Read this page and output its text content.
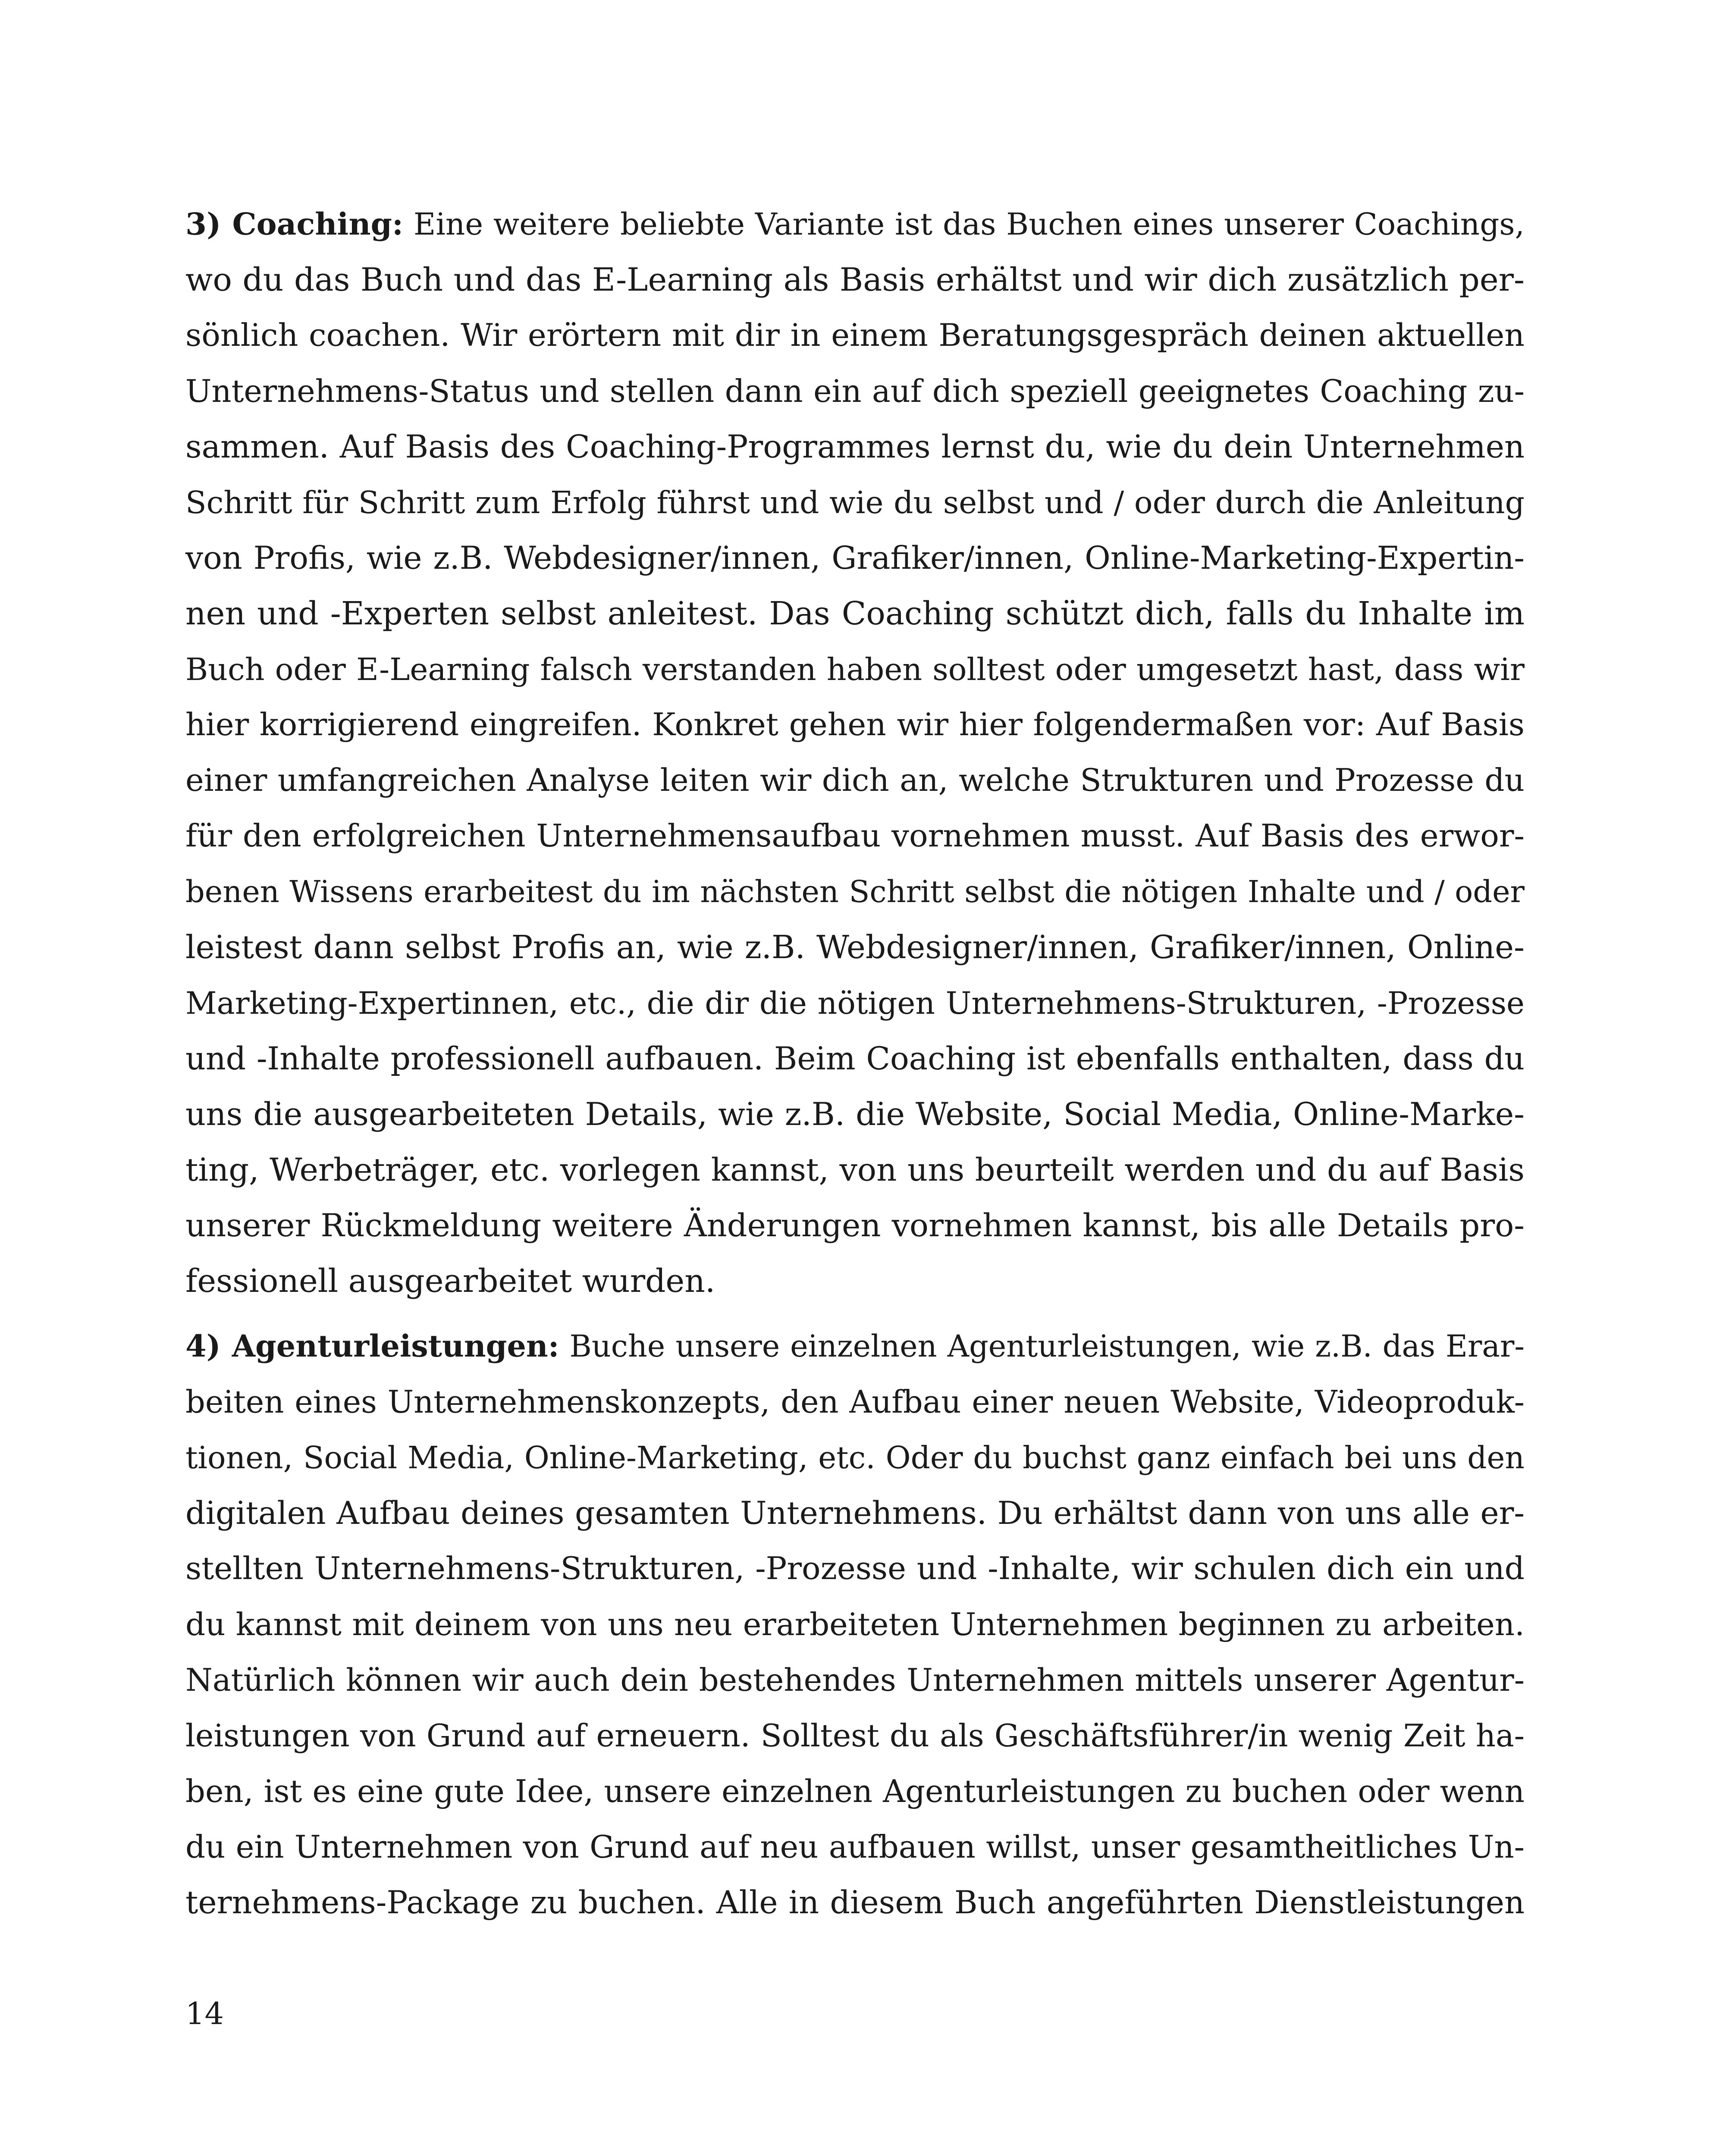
3) Coaching: Eine weitere beliebte Variante ist das Buchen eines unserer Coachings,
wo du das Buch und das E-Learning als Basis erhältst und wir dich zusätzlich per-
sönlich coachen. Wir erörtern mit dir in einem Beratungsgespräch deinen aktuellen
Unternehmens-Status und stellen dann ein auf dich speziell geeignetes Coaching zu-
sammen. Auf Basis des Coaching-Programmes lernst du, wie du dein Unternehmen
Schritt für Schritt zum Erfolg führst und wie du selbst und / oder durch die Anleitung
von Profis, wie z.B. Webdesigner/innen, Grafiker/innen, Online-Marketing-Expertin-
nen und -Experten selbst anleitest. Das Coaching schützt dich, falls du Inhalte im
Buch oder E-Learning falsch verstanden haben solltest oder umgesetzt hast, dass wir
hier korrigierend eingreifen. Konkret gehen wir hier folgendermaßen vor: Auf Basis
einer umfangreichen Analyse leiten wir dich an, welche Strukturen und Prozesse du
für den erfolgreichen Unternehmensaufbau vornehmen musst. Auf Basis des erwor-
benen Wissens erarbeitest du im nächsten Schritt selbst die nötigen Inhalte und / oder
leistest dann selbst Profis an, wie z.B. Webdesigner/innen, Grafiker/innen, Online-
Marketing-Expertinnen, etc., die dir die nötigen Unternehmens-Strukturen, -Prozesse
und -Inhalte professionell aufbauen. Beim Coaching ist ebenfalls enthalten, dass du
uns die ausgearbeiteten Details, wie z.B. die Website, Social Media, Online-Marke-
ting, Werbeträger, etc. vorlegen kannst, von uns beurteilt werden und du auf Basis
unserer Rückmeldung weitere Änderungen vornehmen kannst, bis alle Details pro-
fessionell ausgearbeitet wurden.
4) Agenturleistungen: Buche unsere einzelnen Agenturleistungen, wie z.B. das Erar-
beiten eines Unternehmenskonzepts, den Aufbau einer neuen Website, Videoproduk-
tionen, Social Media, Online-Marketing, etc. Oder du buchst ganz einfach bei uns den
digitalen Aufbau deines gesamten Unternehmens. Du erhältst dann von uns alle er-
stellten Unternehmens-Strukturen, -Prozesse und -Inhalte, wir schulen dich ein und
du kannst mit deinem von uns neu erarbeiteten Unternehmen beginnen zu arbeiten.
Natürlich können wir auch dein bestehendes Unternehmen mittels unserer Agentur-
leistungen von Grund auf erneuern. Solltest du als Geschäftsführer/in wenig Zeit ha-
ben, ist es eine gute Idee, unsere einzelnen Agenturleistungen zu buchen oder wenn
du ein Unternehmen von Grund auf neu aufbauen willst, unser gesamtheitliches Un-
ternehmens-Package zu buchen. Alle in diesem Buch angeführten Dienstleistungen
14
